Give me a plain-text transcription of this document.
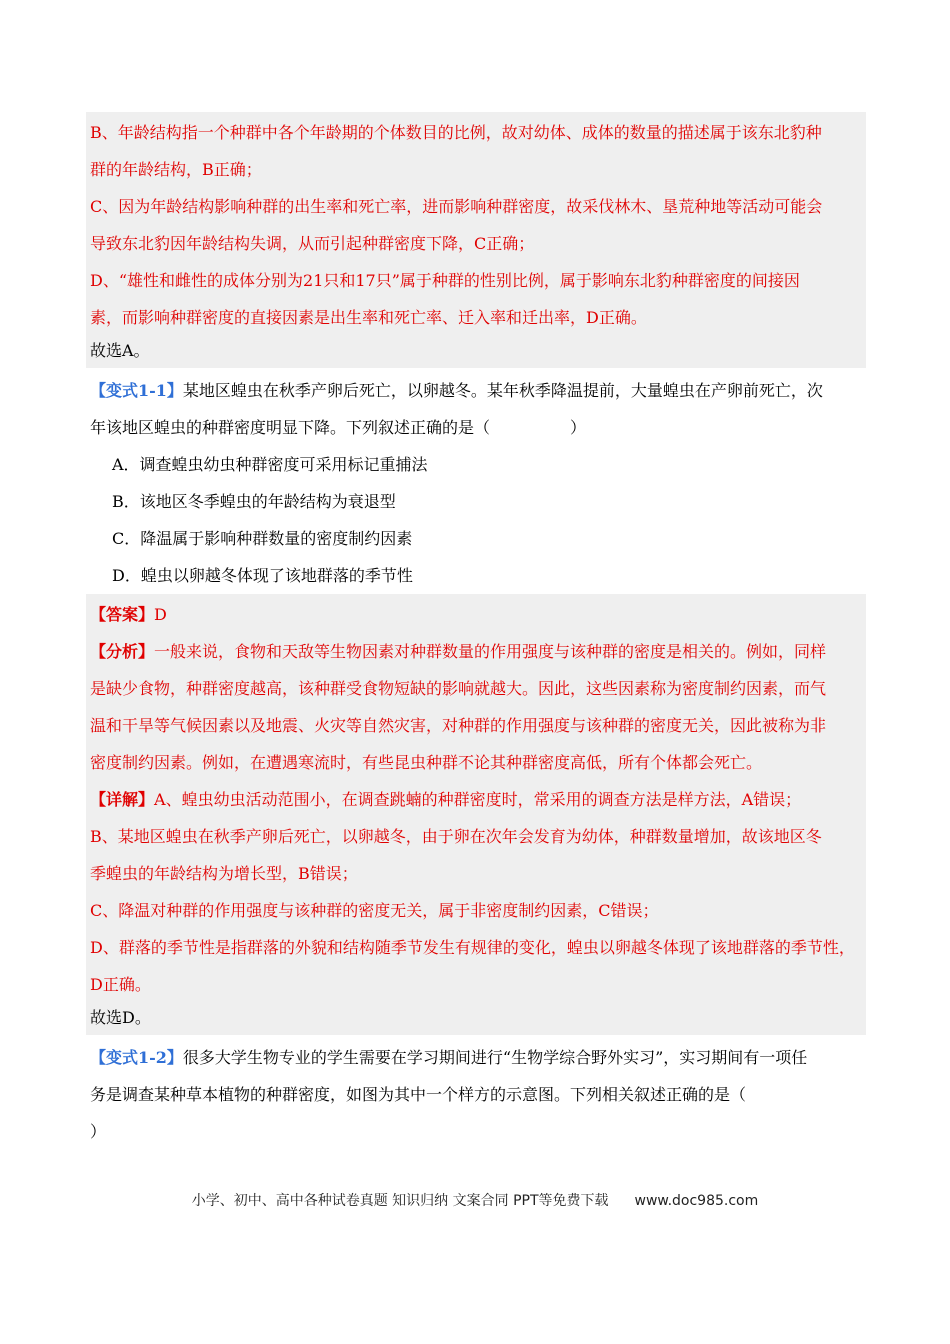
B、年龄结构指一个种群中各个年龄期的个体数目的比例，故对幼体、成体的数量的描述属于该东北豹种
群的年龄结构，B正确；
C、因为年龄结构影响种群的出生率和死亡率，进而影响种群密度，故采伐林木、垦荒种地等活动可能会
导致东北豹因年龄结构失调，从而引起种群密度下降，C正确；
D、“雄性和雌性的成体分别为21只和17只”属于种群的性别比例，属于影响东北豹种群密度的间接因
素，而影响种群密度的直接因素是出生率和死亡率、迁入率和迁出率，D正确。
故选A。
【变式1-1】某地区蝗虫在秋季产卵后死亡，以卵越冬。某年秋季降温提前，大量蝗虫在产卵前死亡，次
年该地区蝗虫的种群密度明显下降。下列叙述正确的是（　　　　　）
A．调查蝗虫幼虫种群密度可采用标记重捕法
B．该地区冬季蝗虫的年龄结构为衰退型
C．降温属于影响种群数量的密度制约因素
D．蝗虫以卵越冬体现了该地群落的季节性
【答案】D
【分析】一般来说，食物和天敌等生物因素对种群数量的作用强度与该种群的密度是相关的。例如，同样
是缺少食物，种群密度越高，该种群受食物短缺的影响就越大。因此，这些因素称为密度制约因素，而气
温和干旱等气候因素以及地震、火灾等自然灾害，对种群的作用强度与该种群的密度无关，因此被称为非
密度制约因素。例如，在遭遇寒流时，有些昆虫种群不论其种群密度高低，所有个体都会死亡。
【详解】A、蝗虫幼虫活动范围小，在调查跳蝻的种群密度时，常采用的调查方法是样方法，A错误；
B、某地区蝗虫在秋季产卵后死亡，以卵越冬，由于卵在次年会发育为幼体，种群数量增加，故该地区冬
季蝗虫的年龄结构为增长型，B错误；
C、降温对种群的作用强度与该种群的密度无关，属于非密度制约因素，C错误；
D、群落的季节性是指群落的外貌和结构随季节发生有规律的变化，蝗虫以卵越冬体现了该地群落的季节性，
D正确。
故选D。
【变式1-2】很多大学生物专业的学生需要在学习期间进行“生物学综合野外实习”，实习期间有一项任
务是调查某种草本植物的种群密度，如图为其中一个样方的示意图。下列相关叙述正确的是（
）
小学、初中、高中各种试卷真题 知识归纳 文案合同 PPT等免费下载 www.doc985.com
